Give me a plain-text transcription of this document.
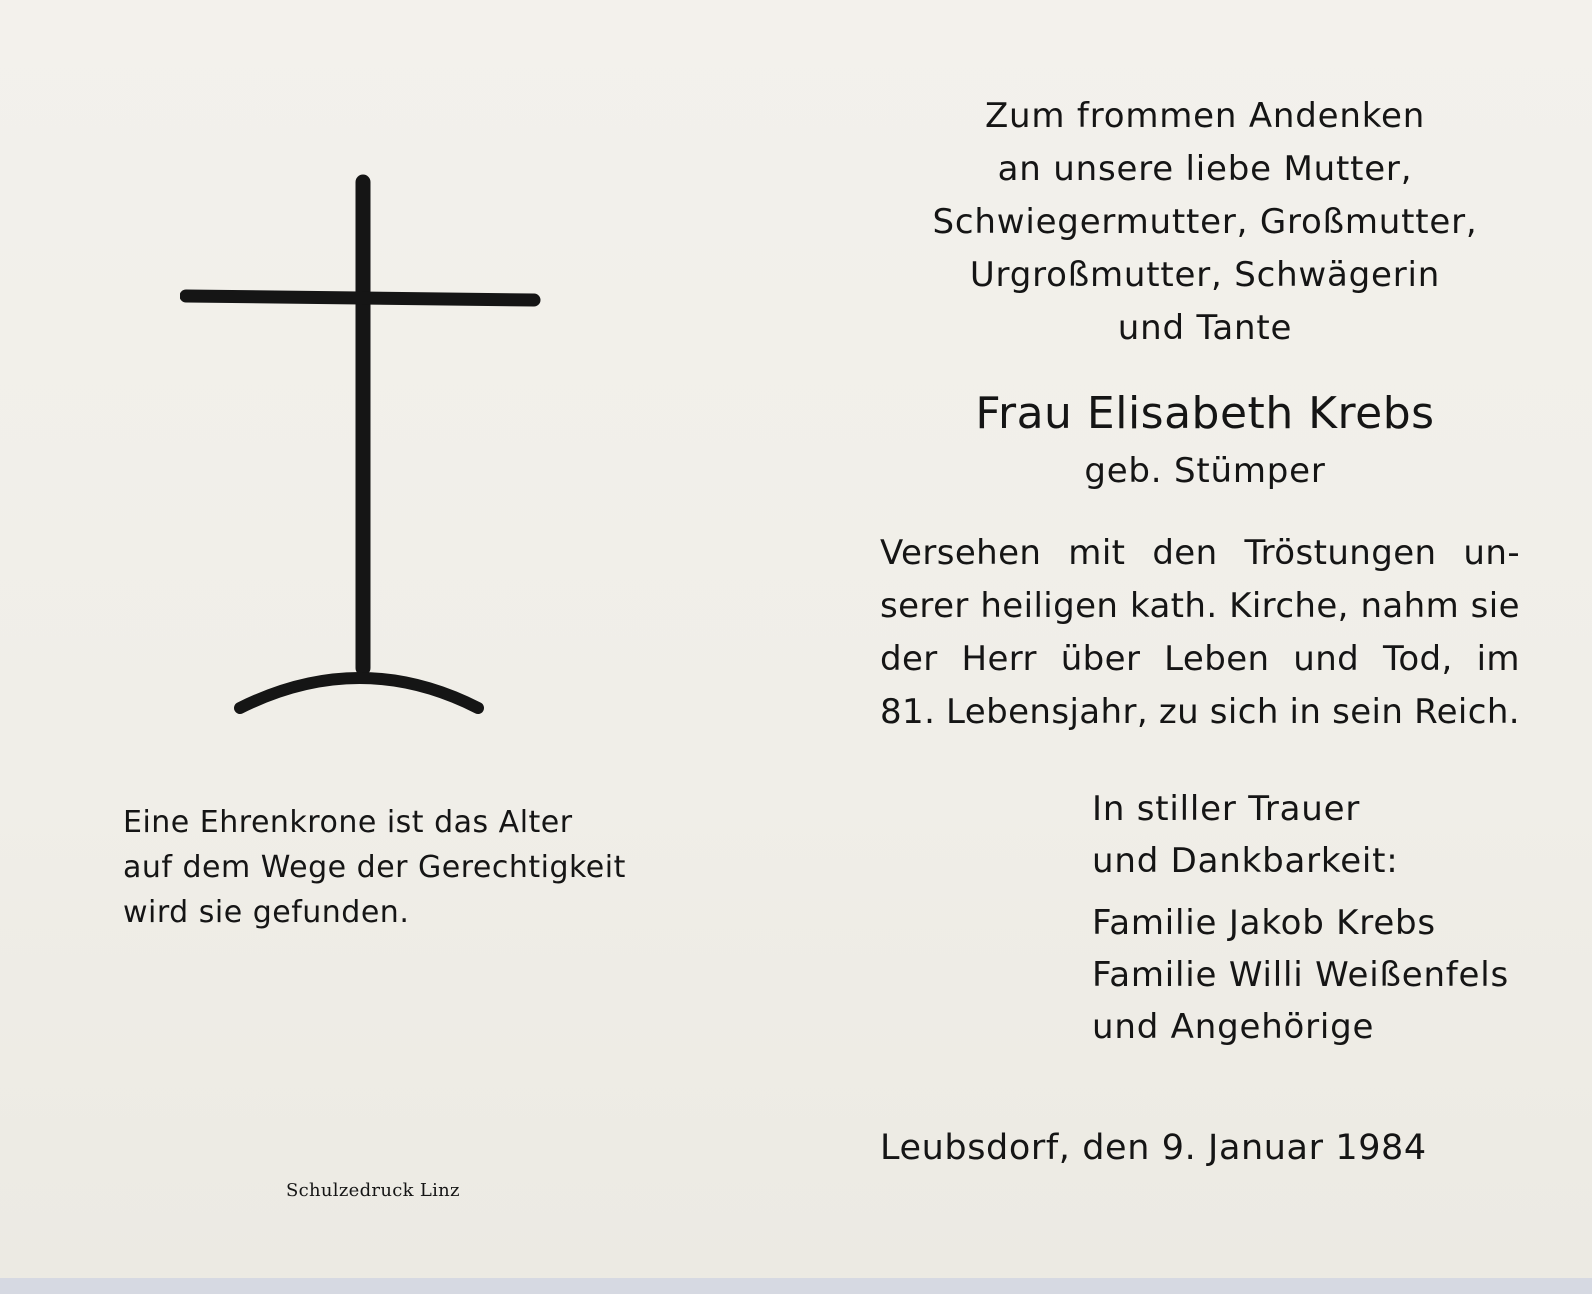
Eine Ehrenkrone ist das Alter
auf dem Wege der Gerechtigkeit
wird sie gefunden.
Schulzedruck Linz
Zum frommen Andenken
an unsere liebe Mutter,
Schwiegermutter, Großmutter,
Urgroßmutter, Schwägerin
und Tante
Frau Elisabeth Krebs
geb. Stümper
Versehen mit den Tröstungen un-
serer heiligen kath. Kirche, nahm sie
der Herr über Leben und Tod, im
81. Lebensjahr, zu sich in sein Reich.
In stiller Trauer
und Dankbarkeit:
Familie Jakob Krebs
Familie Willi Weißenfels
und Angehörige
Leubsdorf, den 9. Januar 1984
